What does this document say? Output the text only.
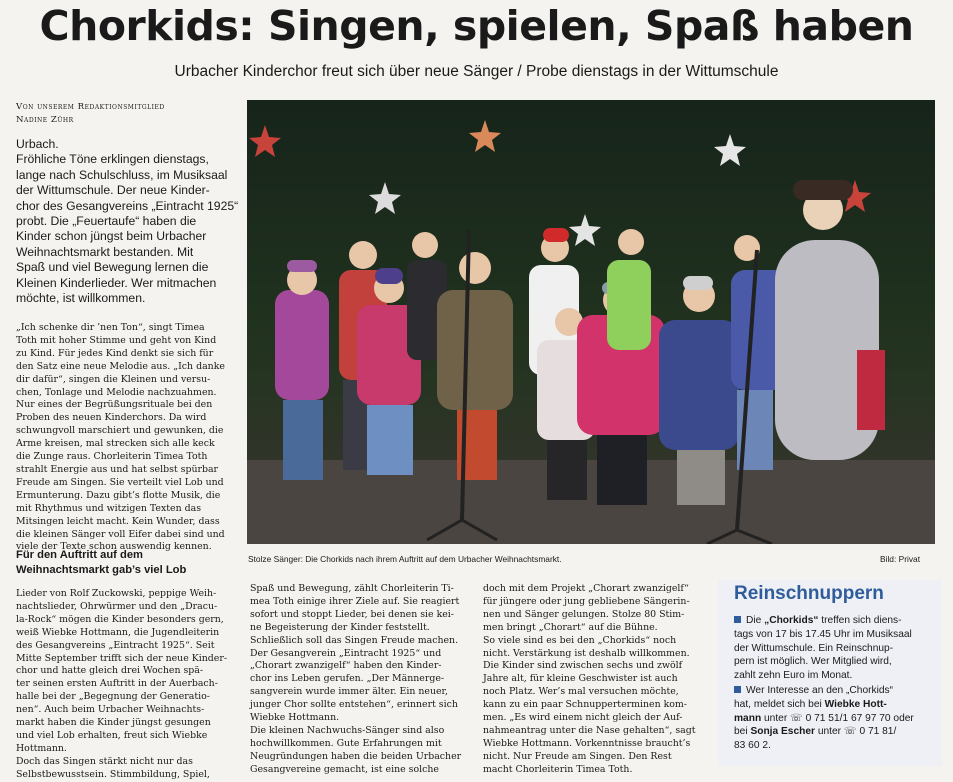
Chorkids: Singen, spielen, Spaß haben
Urbacher Kinderchor freut sich über neue Sänger / Probe dienstags in der Wittumschule
Von unserem Redaktionsmitglied
Nadine Zühr
Urbach.
Fröhliche Töne erklingen dienstags,
lange nach Schulschluss, im Musiksaal
der Wittumschule. Der neue Kinder-
chor des Gesangvereins „Eintracht 1925“
probt. Die „Feuertaufe“ haben die
Kinder schon jüngst beim Urbacher
Weihnachtsmarkt bestanden. Mit
Spaß und viel Bewegung lernen die
Kleinen Kinderlieder. Wer mitmachen
möchte, ist willkommen.
„Ich schenke dir ’nen Ton“, singt Timea
Toth mit hoher Stimme und geht von Kind
zu Kind. Für jedes Kind denkt sie sich für
den Satz eine neue Melodie aus. „Ich danke
dir dafür“, singen die Kleinen und versu-
chen, Tonlage und Melodie nachzuahmen.
Nur eines der Begrüßungsrituale bei den
Proben des neuen Kinderchors. Da wird
schwungvoll marschiert und gewunken, die
Arme kreisen, mal strecken sich alle keck
die Zunge raus. Chorleiterin Timea Toth
strahlt Energie aus und hat selbst spürbar
Freude am Singen. Sie verteilt viel Lob und
Ermunterung. Dazu gibt’s flotte Musik, die
mit Rhythmus und witzigen Texten das
Mitsingen leicht macht. Kein Wunder, dass
die kleinen Sänger voll Eifer dabei sind und
viele der Texte schon auswendig kennen.
Für den Auftritt auf dem
Weihnachtsmarkt gab’s viel Lob
Lieder von Rolf Zuckowski, peppige Weih-
nachtslieder, Ohrwürmer und den „Dracu-
la-Rock“ mögen die Kinder besonders gern,
weiß Wiebke Hottmann, die Jugendleiterin
des Gesangvereins „Eintracht 1925“. Seit
Mitte September trifft sich der neue Kinder-
chor und hatte gleich drei Wochen spä-
ter seinen ersten Auftritt in der Auerbach-
halle bei der „Begegnung der Generatio-
nen“. Auch beim Urbacher Weihnachts-
markt haben die Kinder jüngst gesungen
und viel Lob erhalten, freut sich Wiebke
Hottmann.
Doch das Singen stärkt nicht nur das
Selbstbewusstsein. Stimmbildung, Spiel,
Spaß und Bewegung, zählt Chorleiterin Ti-
mea Toth einige ihrer Ziele auf. Sie reagiert
sofort und stoppt Lieder, bei denen sie kei-
ne Begeisterung der Kinder feststellt.
Schließlich soll das Singen Freude machen.
Der Gesangverein „Eintracht 1925“ und
„Chorart zwanzigelf“ haben den Kinder-
chor ins Leben gerufen. „Der Männerge-
sangverein wurde immer älter. Ein neuer,
junger Chor sollte entstehen“, erinnert sich
Wiebke Hottmann.
Die kleinen Nachwuchs-Sänger sind also
hochwillkommen. Gute Erfahrungen mit
Neugründungen haben die beiden Urbacher
Gesangvereine gemacht, ist eine solche
doch mit dem Projekt „Chorart zwanzigelf“
für jüngere oder jung gebliebene Sängerin-
nen und Sänger gelungen. Stolze 80 Stim-
men bringt „Chorart“ auf die Bühne.
So viele sind es bei den „Chorkids“ noch
nicht. Verstärkung ist deshalb willkommen.
Die Kinder sind zwischen sechs und zwölf
Jahre alt, für kleine Geschwister ist auch
noch Platz. Wer’s mal versuchen möchte,
kann zu ein paar Schnupperterminen kom-
men. „Es wird einem nicht gleich der Auf-
nahmeantrag unter die Nase gehalten“, sagt
Wiebke Hottmann. Vorkenntnisse braucht’s
nicht. Nur Freude am Singen. Den Rest
macht Chorleiterin Timea Toth.
Stolze Sänger: Die Chorkids nach ihrem Auftritt auf dem Urbacher Weihnachtsmarkt.	Bild: Privat
Reinschnuppern
Die „Chorkids“ treffen sich diens-
tags von 17 bis 17.45 Uhr im Musiksaal
der Wittumschule. Ein Reinschnup-
pern ist möglich. Wer Mitglied wird,
zahlt zehn Euro im Monat.
Wer Interesse an den „Chorkids“
hat, meldet sich bei Wiebke Hott-
mann unter ☏ 0 71 51/1 67 97 70 oder
bei Sonja Escher unter ☏ 0 71 81/
83 60 2.
